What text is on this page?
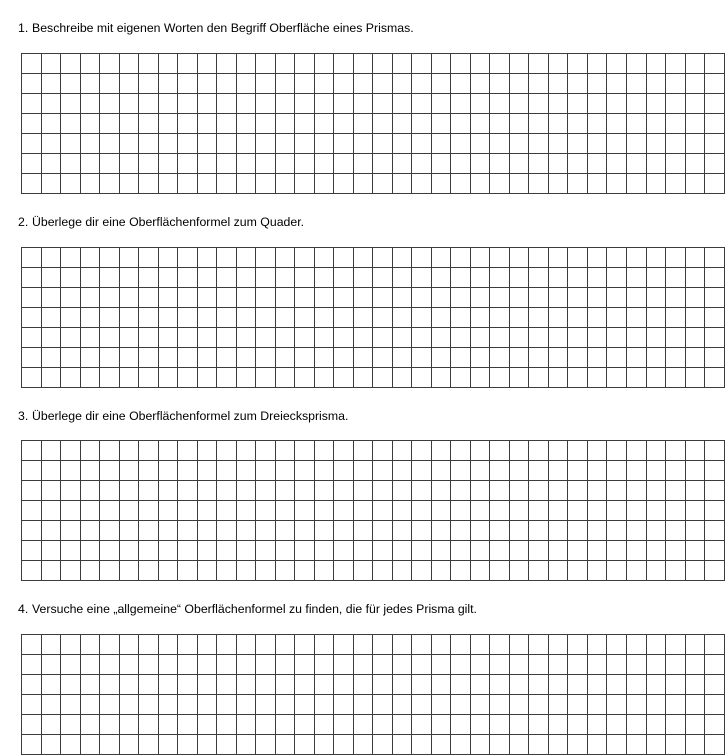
1. Beschreibe mit eigenen Worten den Begriff Oberfläche eines Prismas.

2. Überlege dir eine Oberflächenformel zum Quader.

3. Überlege dir eine Oberflächenformel zum Dreiecksprisma.

4. Versuche eine „allgemeine“ Oberflächenformel zu finden, die für jedes Prisma gilt.
